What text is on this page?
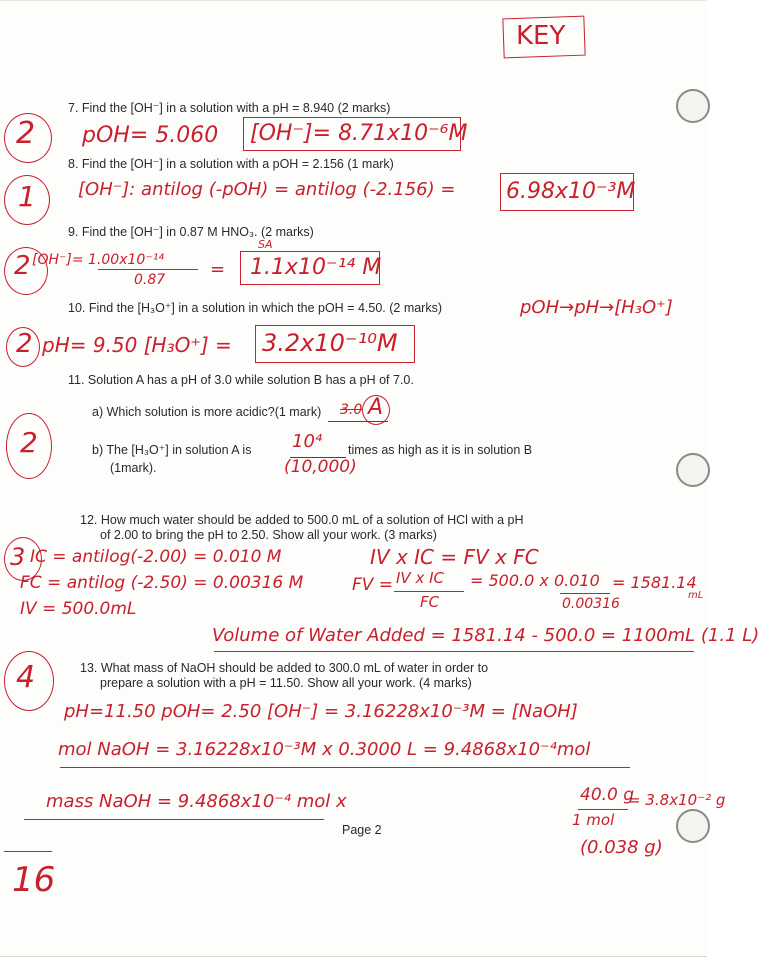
KEY
7. Find the [OH⁻] in a solution with a pH = 8.940 (2 marks)
2 pOH= 5.060 [OH⁻]= 8.71x10⁻⁶M
8. Find the [OH⁻] in a solution with a pOH = 2.156 (1 mark)
1 [OH⁻]: antilog (-pOH) = antilog (-2.156) = 6.98x10⁻³M
9. Find the [OH⁻] in 0.87 M HNO₃. (2 marks)
2 [OH⁻]= 1.00x10⁻¹⁴
0.87 =
SA
1.1x10⁻¹⁴ M
10. Find the [H₃O⁺] in a solution in which the pOH = 4.50. (2 marks)	pOH→pH→[H₃O⁺]
2 pH= 9.50 [H₃O⁺] = 3.2x10⁻¹⁰M
11. Solution A has a pH of 3.0 while solution B has a pH of 7.0.
2
a) Which solution is more acidic?(1 mark) 3.0 A
b) The [H₃O⁺] in solution A is 10⁴
(10,000)
times as high as it is in solution B
(1mark).
12. How much water should be added to 500.0 mL of a solution of HCl with a pH
of 2.00 to bring the pH to 2.50. Show all your work. (3 marks)
3 IC = antilog(-2.00) = 0.010 M
FC = antilog (-2.50) = 0.00316 M
IV = 500.0mL
IV x IC = FV x FC
FV = IV x IC
FC
= 500.0 x 0.010
0.00316
= 1581.14
mL
Volume of Water Added = 1581.14 - 500.0 = 1100mL (1.1 L)
13. What mass of NaOH should be added to 300.0 mL of water in order to
prepare a solution with a pH = 11.50. Show all your work. (4 marks)
4
pH=11.50 pOH= 2.50 [OH⁻] = 3.16228x10⁻³M = [NaOH]
mol NaOH = 3.16228x10⁻³M x 0.3000 L = 9.4868x10⁻⁴mol
mass NaOH = 9.4868x10⁻⁴ mol x	40.0 g
1 mol
= 3.8x10⁻² g
(0.038 g)
Page 2
16
